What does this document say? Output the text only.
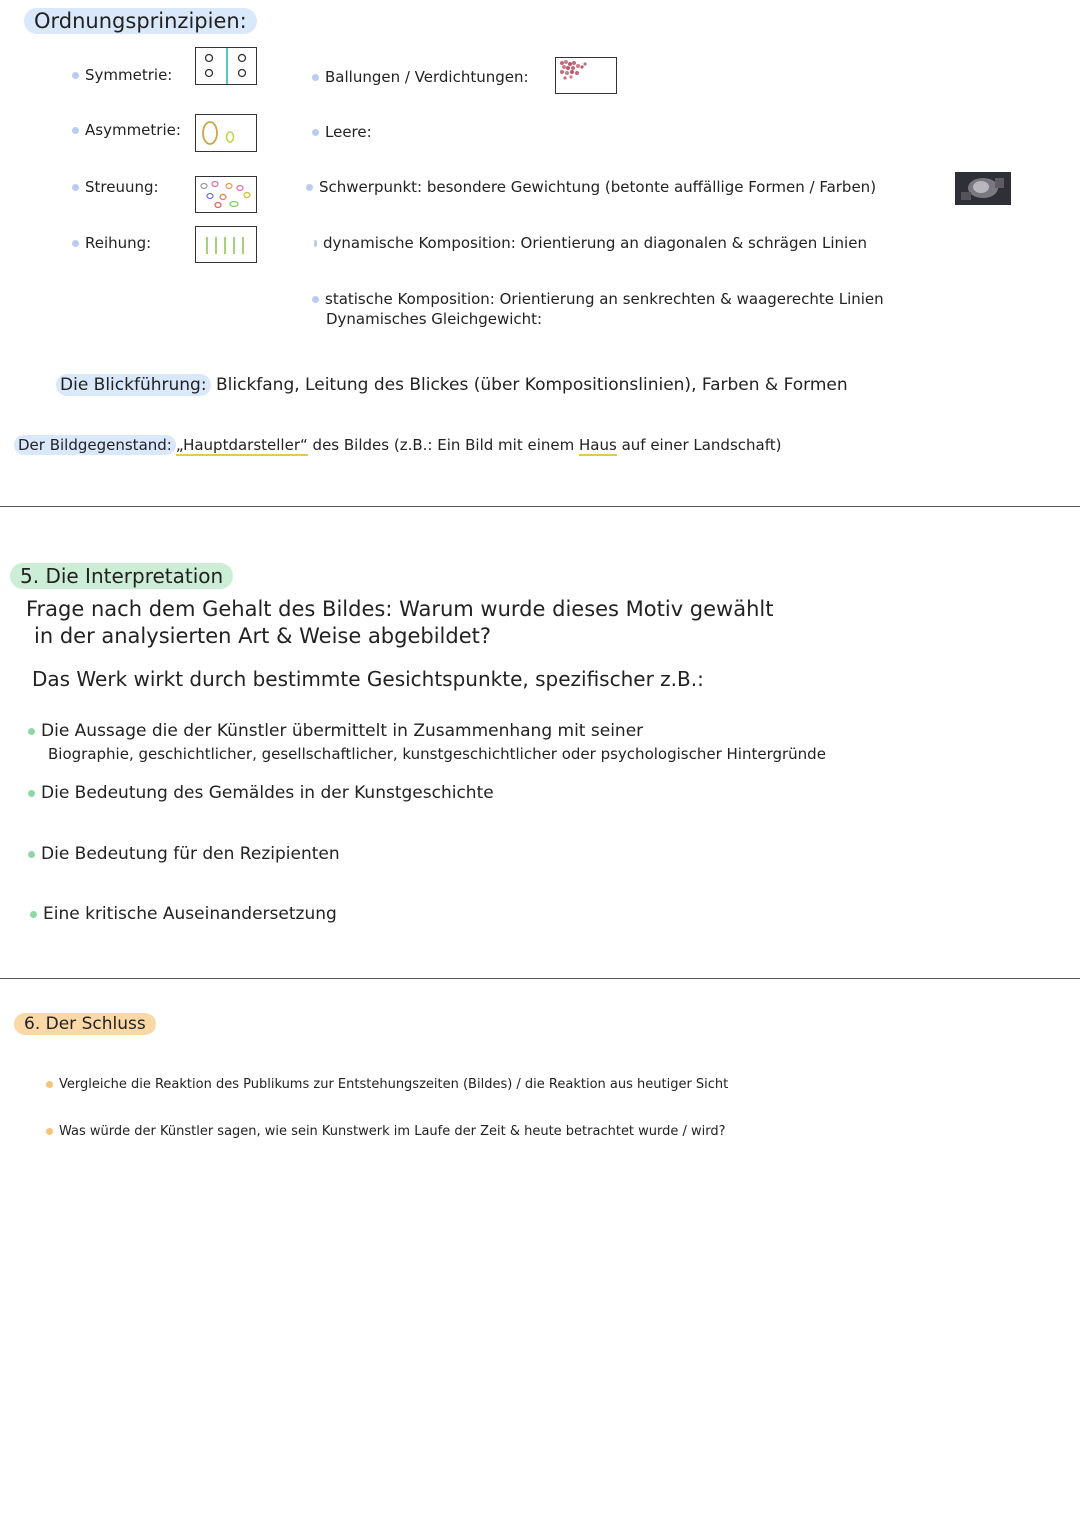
Ordnungsprinzipien:
Symmetrie:
Asymmetrie:
Streuung:
Reihung:
Ballungen / Verdichtungen:
Leere:
Schwerpunkt: besondere Gewichtung (betonte auffällige Formen / Farben)
dynamische Komposition: Orientierung an diagonalen & schrägen Linien
statische Komposition: Orientierung an senkrechten & waagerechte Linien
Dynamisches Gleichgewicht:
Die Blickführung: Blickfang, Leitung des Blickes (über Kompositionslinien), Farben & Formen
Der Bildgegenstand: „Hauptdarsteller“ des Bildes (z.B.: Ein Bild mit einem Haus auf einer Landschaft)
5. Die Interpretation
Frage nach dem Gehalt des Bildes: Warum wurde dieses Motiv gewählt
in der analysierten Art & Weise abgebildet?
Das Werk wirkt durch bestimmte Gesichtspunkte, spezifischer z.B.:
Die Aussage die der Künstler übermittelt in Zusammenhang mit seiner
Biographie, geschichtlicher, gesellschaftlicher, kunstgeschichtlicher oder psychologischer Hintergründe
Die Bedeutung des Gemäldes in der Kunstgeschichte
Die Bedeutung für den Rezipienten
Eine kritische Auseinandersetzung
6. Der Schluss
Vergleiche die Reaktion des Publikums zur Entstehungszeiten (Bildes) / die Reaktion aus heutiger Sicht
Was würde der Künstler sagen, wie sein Kunstwerk im Laufe der Zeit & heute betrachtet wurde / wird?
